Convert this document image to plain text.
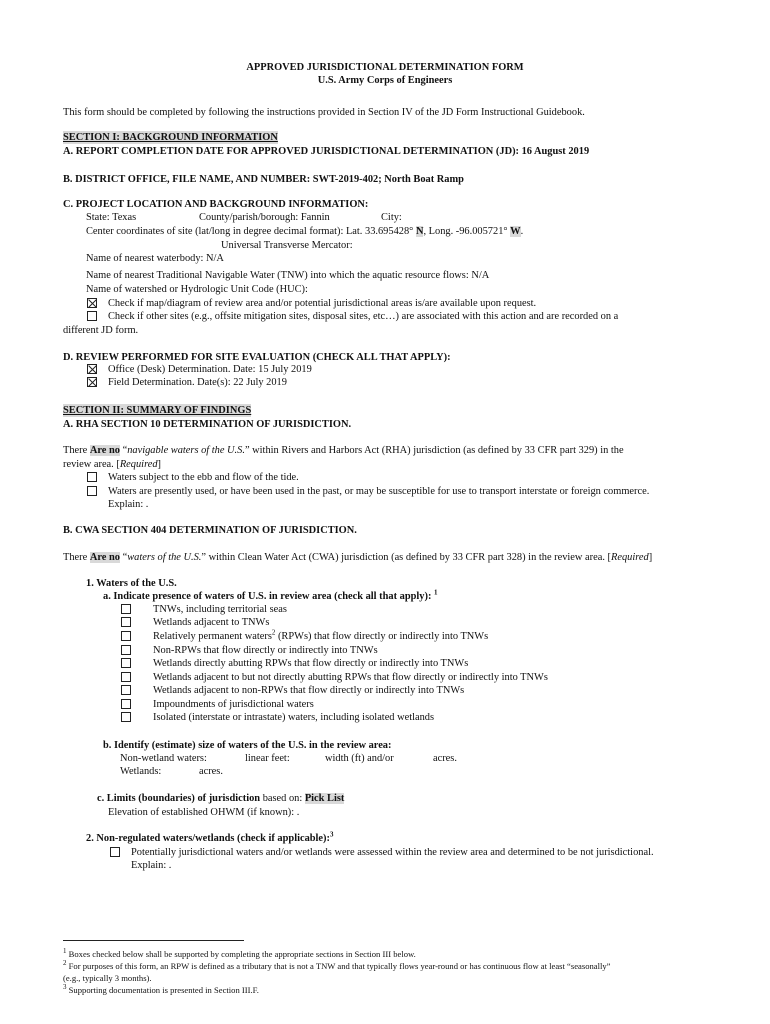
APPROVED JURISDICTIONAL DETERMINATION FORM
U.S. Army Corps of Engineers
This form should be completed by following the instructions provided in Section IV of the JD Form Instructional Guidebook.
SECTION I: BACKGROUND INFORMATION
A. REPORT COMPLETION DATE FOR APPROVED JURISDICTIONAL DETERMINATION (JD): 16 August 2019
B. DISTRICT OFFICE, FILE NAME, AND NUMBER: SWT-2019-402; North Boat Ramp
C. PROJECT LOCATION AND BACKGROUND INFORMATION:
State: Texas	County/parish/borough: Fannin	City:
Center coordinates of site (lat/long in degree decimal format): Lat. 33.695428° N, Long. -96.005721° W.
Universal Transverse Mercator:
Name of nearest waterbody: N/A
Name of nearest Traditional Navigable Water (TNW) into which the aquatic resource flows: N/A
Name of watershed or Hydrologic Unit Code (HUC):
Check if map/diagram of review area and/or potential jurisdictional areas is/are available upon request.
Check if other sites (e.g., offsite mitigation sites, disposal sites, etc…) are associated with this action and are recorded on a
different JD form.
D. REVIEW PERFORMED FOR SITE EVALUATION (CHECK ALL THAT APPLY):
Office (Desk) Determination. Date: 15 July 2019
Field Determination. Date(s): 22 July 2019
SECTION II: SUMMARY OF FINDINGS
A. RHA SECTION 10 DETERMINATION OF JURISDICTION.
There Are no “navigable waters of the U.S.” within Rivers and Harbors Act (RHA) jurisdiction (as defined by 33 CFR part 329) in the
review area. [Required]
Waters subject to the ebb and flow of the tide.
Waters are presently used, or have been used in the past, or may be susceptible for use to transport interstate or foreign commerce.
Explain: .
B. CWA SECTION 404 DETERMINATION OF JURISDICTION.
There Are no “waters of the U.S.” within Clean Water Act (CWA) jurisdiction (as defined by 33 CFR part 328) in the review area. [Required]
1. Waters of the U.S.
a. Indicate presence of waters of U.S. in review area (check all that apply): $^1$
TNWs, including territorial seas
Wetlands adjacent to TNWs
Relatively permanent waters$^2$ (RPWs) that flow directly or indirectly into TNWs
Non-RPWs that flow directly or indirectly into TNWs
Wetlands directly abutting RPWs that flow directly or indirectly into TNWs
Wetlands adjacent to but not directly abutting RPWs that flow directly or indirectly into TNWs
Wetlands adjacent to non-RPWs that flow directly or indirectly into TNWs
Impoundments of jurisdictional waters
Isolated (interstate or intrastate) waters, including isolated wetlands
b. Identify (estimate) size of waters of the U.S. in the review area:
Non-wetland waters:	linear feet:	width (ft) and/or	acres.
Wetlands:	acres.
c. Limits (boundaries) of jurisdiction based on: Pick List
Elevation of established OHWM (if known): .
2. Non-regulated waters/wetlands (check if applicable):$^3$
Potentially jurisdictional waters and/or wetlands were assessed within the review area and determined to be not jurisdictional.
Explain: .
$^1$ Boxes checked below shall be supported by completing the appropriate sections in Section III below.
$^2$ For purposes of this form, an RPW is defined as a tributary that is not a TNW and that typically flows year-round or has continuous flow at least “seasonally”
(e.g., typically 3 months).
$^3$ Supporting documentation is presented in Section III.F.
